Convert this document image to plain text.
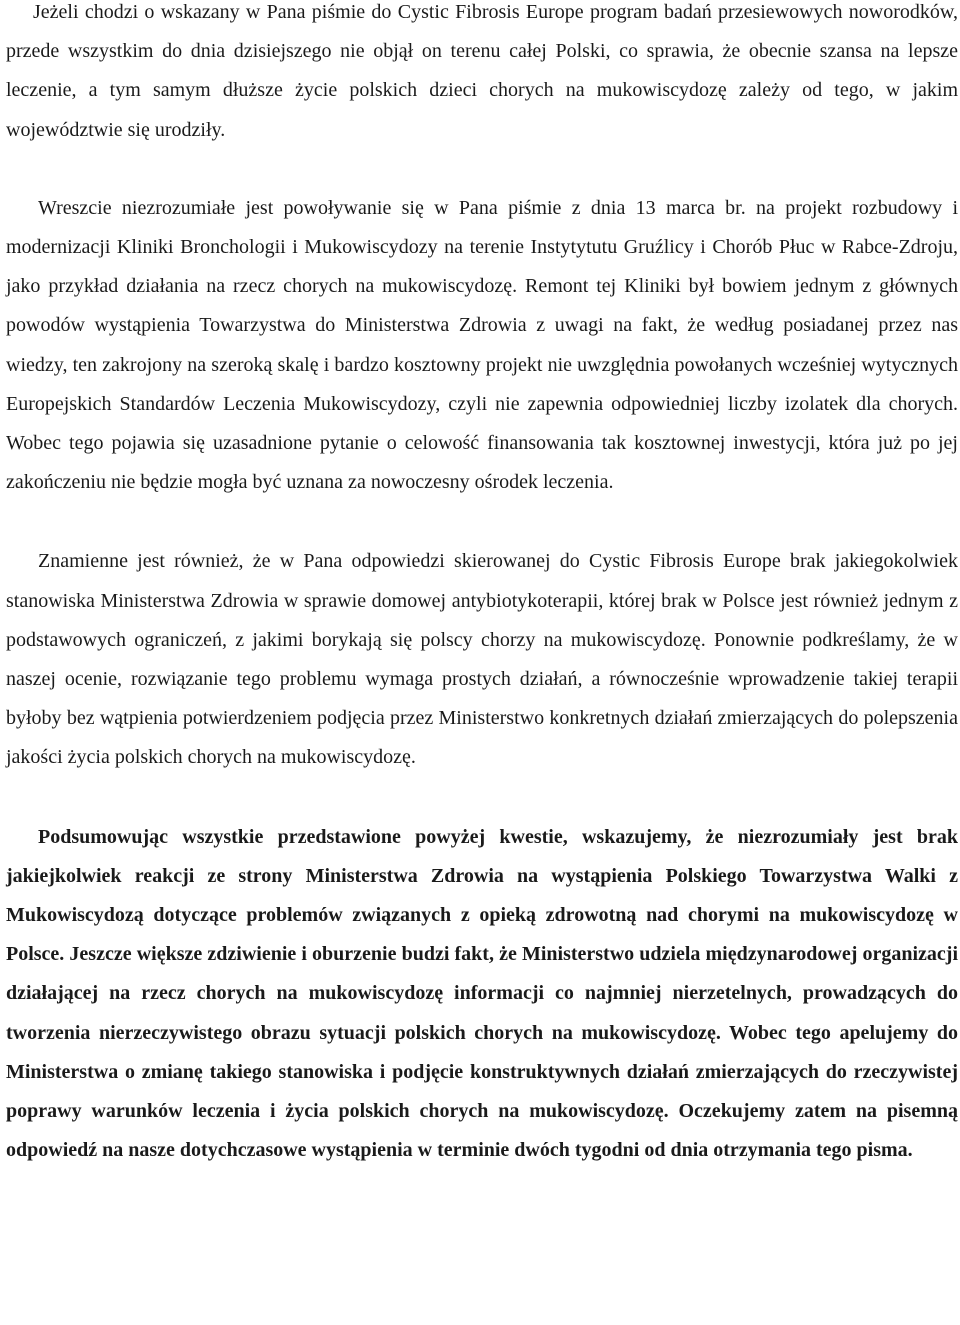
Jeżeli chodzi o wskazany w Pana piśmie do Cystic Fibrosis Europe program badań przesiewowych noworodków, przede wszystkim do dnia dzisiejszego nie objął on terenu całej Polski, co sprawia, że obecnie szansa na lepsze leczenie, a tym samym dłuższe życie polskich dzieci chorych na mukowiscydozę zależy od tego, w jakim województwie się urodziły.

Wreszcie niezrozumiałe jest powoływanie się w Pana piśmie z dnia 13 marca br. na projekt rozbudowy i modernizacji Kliniki Bronchologii i Mukowiscydozy na terenie Instytytutu Gruźlicy i Chorób Płuc w Rabce-Zdroju, jako przykład działania na rzecz chorych na mukowiscydozę. Remont tej Kliniki był bowiem jednym z głównych powodów wystąpienia Towarzystwa do Ministerstwa Zdrowia z uwagi na fakt, że według posiadanej przez nas wiedzy, ten zakrojony na szeroką skalę i bardzo kosztowny projekt nie uwzględnia powołanych wcześniej wytycznych Europejskich Standardów Leczenia Mukowiscydozy, czyli nie zapewnia odpowiedniej liczby izolatek dla chorych. Wobec tego pojawia się uzasadnione pytanie o celowość finansowania tak kosztownej inwestycji, która już po jej zakończeniu nie będzie mogła być uznana za nowoczesny ośrodek leczenia.

Znamienne jest również, że w Pana odpowiedzi skierowanej do Cystic Fibrosis Europe brak jakiegokolwiek stanowiska Ministerstwa Zdrowia w sprawie domowej antybiotykoterapii, której brak w Polsce jest również jednym z podstawowych ograniczeń, z jakimi borykają się polscy chorzy na mukowiscydozę. Ponownie podkreślamy, że w naszej ocenie, rozwiązanie tego problemu wymaga prostych działań, a równocześnie wprowadzenie takiej terapii byłoby bez wątpienia potwierdzeniem podjęcia przez Ministerstwo konkretnych działań zmierzających do polepszenia jakości życia polskich chorych na mukowiscydozę.

Podsumowując wszystkie przedstawione powyżej kwestie, wskazujemy, że niezrozumiały jest brak jakiejkolwiek reakcji ze strony Ministerstwa Zdrowia na wystąpienia Polskiego Towarzystwa Walki z Mukowiscydozą dotyczące problemów związanych z opieką zdrowotną nad chorymi na mukowiscydozę w Polsce. Jeszcze większe zdziwienie i oburzenie budzi fakt, że Ministerstwo udziela międzynarodowej organizacji działającej na rzecz chorych na mukowiscydozę informacji co najmniej nierzetelnych, prowadzących do tworzenia nierzeczywistego obrazu sytuacji polskich chorych na mukowiscydozę. Wobec tego apelujemy do Ministerstwa o zmianę takiego stanowiska i podjęcie konstruktywnych działań zmierzających do rzeczywistej poprawy warunków leczenia i życia polskich chorych na mukowiscydozę. Oczekujemy zatem na pisemną odpowiedź na nasze dotychczasowe wystąpienia w terminie dwóch tygodni od dnia otrzymania tego pisma.
